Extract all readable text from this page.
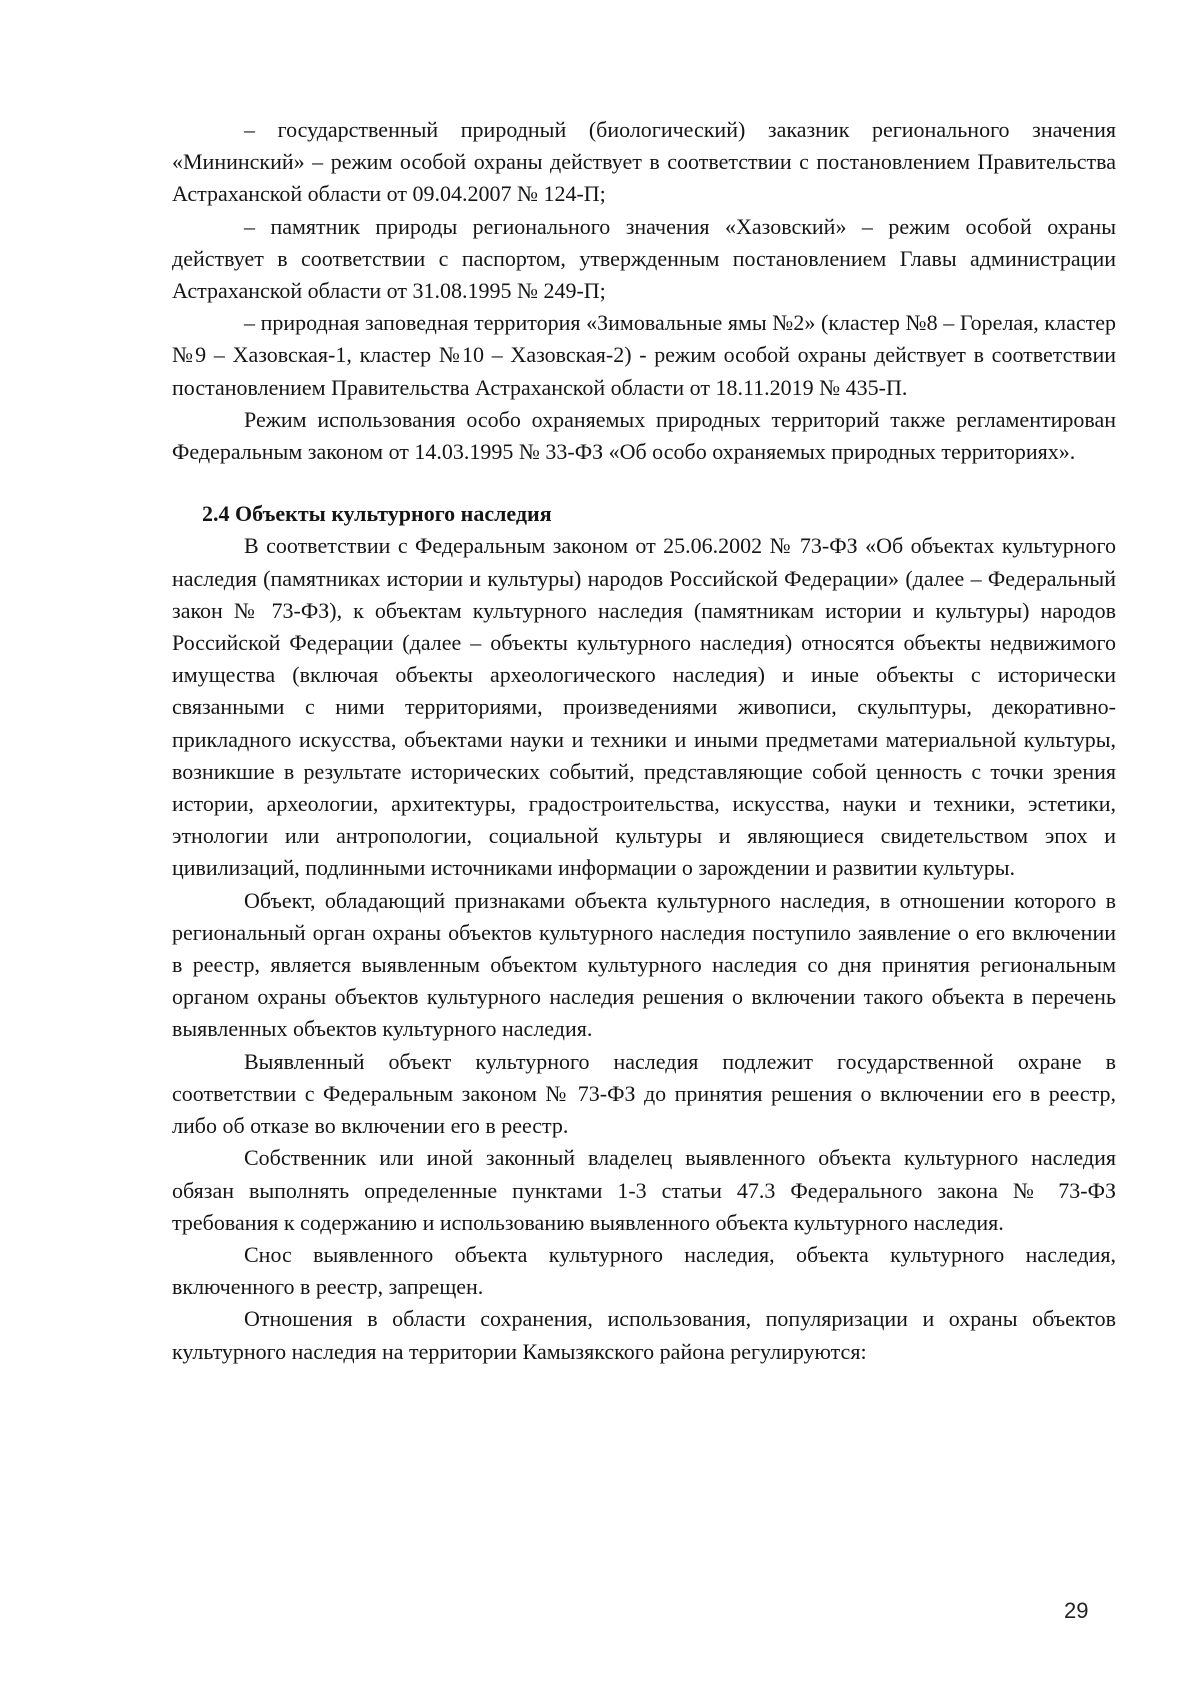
– государственный природный (биологический) заказник регионального значения «Мининский» – режим особой охраны действует в соответствии с постановлением Правительства Астраханской области от 09.04.2007 № 124-П;

– памятник природы регионального значения «Хазовский» – режим особой охраны действует в соответствии с паспортом, утвержденным постановлением Главы администрации Астраханской области от 31.08.1995 № 249-П;

– природная заповедная территория «Зимовальные ямы №2» (кластер №8 – Горелая, кластер №9 – Хазовская-1, кластер №10 – Хазовская-2) - режим особой охраны действует в соответствии постановлением Правительства Астраханской области от 18.11.2019 № 435-П.

Режим использования особо охраняемых природных территорий также регламентирован Федеральным законом от 14.03.1995 № 33-ФЗ «Об особо охраняемых природных территориях».

2.4 Объекты культурного наследия

В соответствии с Федеральным законом от 25.06.2002 № 73-ФЗ «Об объектах культурного наследия (памятниках истории и культуры) народов Российской Федерации» (далее – Федеральный закон № 73-ФЗ), к объектам культурного наследия (памятникам истории и культуры) народов Российской Федерации (далее – объекты культурного наследия) относятся объекты недвижимого имущества (включая объекты археологического наследия) и иные объекты с исторически связанными с ними территориями, произведениями живописи, скульптуры, декоративно-прикладного искусства, объектами науки и техники и иными предметами материальной культуры, возникшие в результате исторических событий, представляющие собой ценность с точки зрения истории, археологии, архитектуры, градостроительства, искусства, науки и техники, эстетики, этнологии или антропологии, социальной культуры и являющиеся свидетельством эпох и цивилизаций, подлинными источниками информации о зарождении и развитии культуры.

Объект, обладающий признаками объекта культурного наследия, в отношении которого в региональный орган охраны объектов культурного наследия поступило заявление о его включении в реестр, является выявленным объектом культурного наследия со дня принятия региональным органом охраны объектов культурного наследия решения о включении такого объекта в перечень выявленных объектов культурного наследия.

Выявленный объект культурного наследия подлежит государственной охране в соответствии с Федеральным законом № 73-ФЗ до принятия решения о включении его в реестр, либо об отказе во включении его в реестр.

Собственник или иной законный владелец выявленного объекта культурного наследия обязан выполнять определенные пунктами 1-3 статьи 47.3 Федерального закона № 73-ФЗ требования к содержанию и использованию выявленного объекта культурного наследия.

Снос выявленного объекта культурного наследия, объекта культурного наследия, включенного в реестр, запрещен.

Отношения в области сохранения, использования, популяризации и охраны объектов культурного наследия на территории Камызякского района регулируются:

29
